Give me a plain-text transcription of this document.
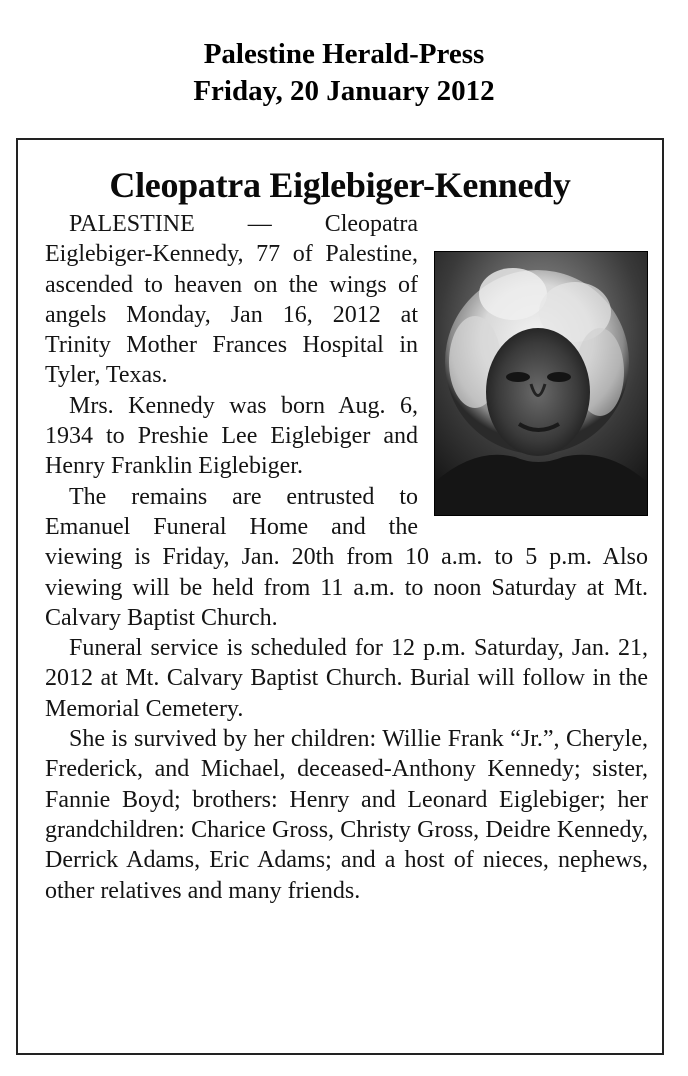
Palestine Herald-Press
Friday, 20 January 2012
Cleopatra Eiglebiger-Kennedy

PALESTINE — Cleopatra Eiglebiger-Kennedy, 77 of Palestine, ascended to heaven on the wings of angels Monday, Jan 16, 2012 at Trinity Mother Frances Hospital in Tyler, Texas.

Mrs. Kennedy was born Aug. 6, 1934 to Preshie Lee Eiglebiger and Henry Franklin Eiglebiger.

The remains are entrusted to Emanuel Funeral Home and the viewing is Friday, Jan. 20th from 10 a.m. to 5 p.m. Also viewing will be held from 11 a.m. to noon Saturday at Mt. Calvary Baptist Church.

Funeral service is scheduled for 12 p.m. Saturday, Jan. 21, 2012 at Mt. Calvary Baptist Church. Burial will follow in the Memorial Cemetery.

She is survived by her children: Willie Frank “Jr.”, Cheryle, Frederick, and Michael, deceased-Anthony Kennedy; sister, Fannie Boyd; brothers: Henry and Leonard Eiglebiger; her grandchildren: Charice Gross, Christy Gross, Deidre Kennedy, Derrick Adams, Eric Adams; and a host of nieces, nephews, other relatives and many friends.
